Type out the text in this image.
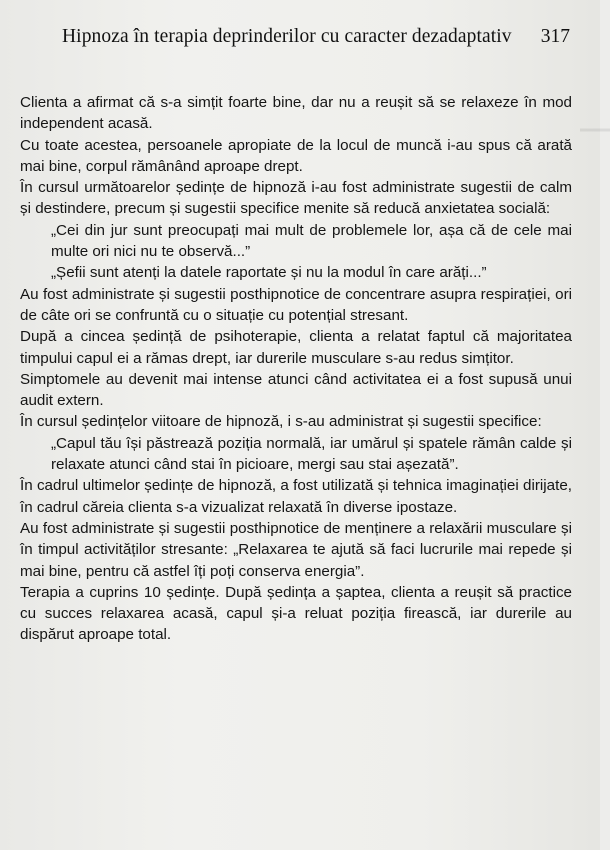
—
Hipnoza în terapia deprinderilor cu caracter dezadaptativ 317

Clienta a afirmat că s-a simțit foarte bine, dar nu a reușit să se relaxeze în mod independent acasă.

Cu toate acestea, persoanele apropiate de la locul de muncă i-au spus că arată mai bine, corpul rămânând aproape drept.

În cursul următoarelor ședințe de hipnoză i-au fost administrate sugestii de calm și destindere, precum și sugestii specifice menite să reducă anxietatea socială:

„Cei din jur sunt preocupați mai mult de problemele lor, așa că de cele mai multe ori nici nu te observă...”

„Șefii sunt atenți la datele raportate și nu la modul în care arăți...”

Au fost administrate și sugestii posthipnotice de concentrare asupra respirației, ori de câte ori se confruntă cu o situație cu potențial stresant.

După a cincea ședință de psihoterapie, clienta a relatat faptul că majoritatea timpului capul ei a rămas drept, iar durerile musculare s-au redus simțitor.

Simptomele au devenit mai intense atunci când activitatea ei a fost supusă unui audit extern.

În cursul ședințelor viitoare de hipnoză, i s-au administrat și sugestii specifice:

„Capul tău își păstrează poziția normală, iar umărul și spatele rămân calde și relaxate atunci când stai în picioare, mergi sau stai așezată”.

În cadrul ultimelor ședințe de hipnoză, a fost utilizată și tehnica imaginației dirijate, în cadrul căreia clienta s-a vizualizat relaxată în diverse ipostaze.

Au fost administrate și sugestii posthipnotice de menținere a relaxării musculare și în timpul activităților stresante: „Relaxarea te ajută să faci lucrurile mai repede și mai bine, pentru că astfel îți poți conserva energia”.

Terapia a cuprins 10 ședințe. După ședința a șaptea, clienta a reușit să practice cu succes relaxarea acasă, capul și-a reluat poziția firească, iar durerile au dispărut aproape total.
